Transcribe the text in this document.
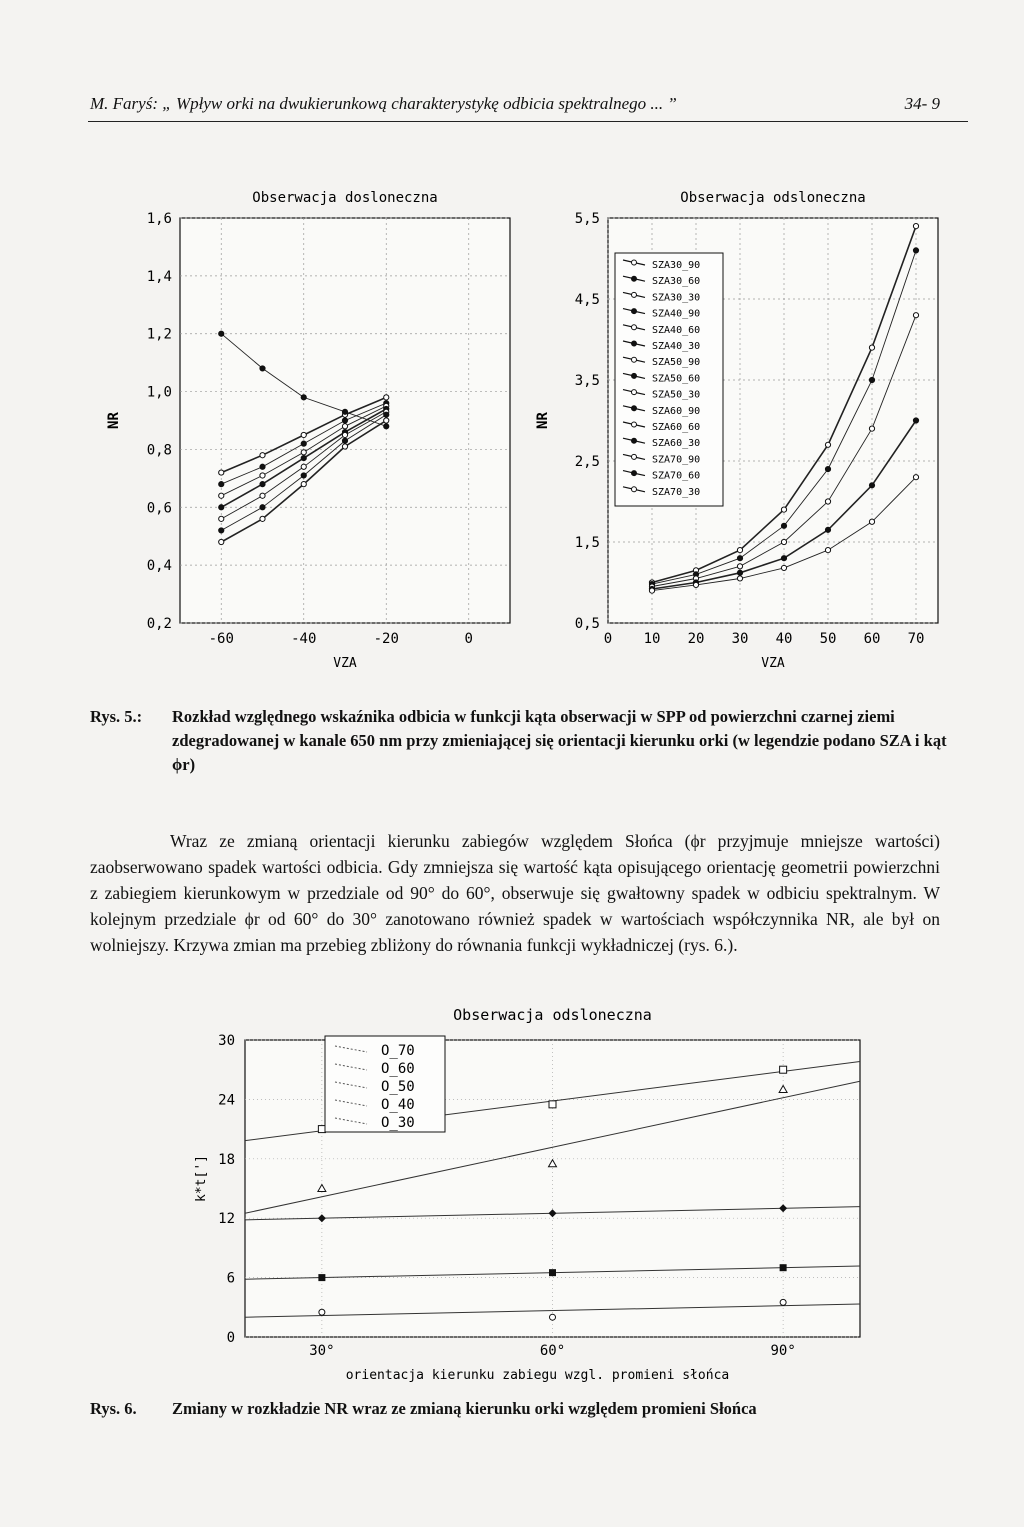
M. Faryś: „ Wpływ orki na dwukierunkową charakterystykę odbicia spektralnego ... ”	34- 9
0,2
0,4
0,6
0,8
1,0
1,2
1,4
1,6
-60	-40	-20	0
Obserwacja dosloneczna
VZA
NR
0,5
1,5
2,5
3,5
4,5
5,5
0 10 20 30 40 50 60 70
Obserwacja odsloneczna
VZA
NR
SZA30_90
SZA30_60
SZA30_30
SZA40_90
SZA40_60
SZA40_30
SZA50_90
SZA50_60
SZA50_30
SZA60_90
SZA60_60
SZA60_30
SZA70_90
SZA70_60
SZA70_30
Obserwacja odsloneczna
0
6
12
18
24
30
30°	60°	90°
orientacja kierunku zabiegu wzgl. promieni słońca
k*t[']
O_70
O_60
O_50
O_40
O_30
Rys. 5.:	Rozkład względnego wskaźnika odbicia w funkcji kąta obserwacji w SPP od powierzchni czarnej ziemi zdegradowanej w kanale 650 nm przy zmieniającej się orientacji kierunku orki (w legendzie podano SZA i kąt ϕr)

Wraz ze zmianą orientacji kierunku zabiegów względem Słońca (ϕr przyjmuje mniejsze wartości) zaobserwowano spadek wartości odbicia. Gdy zmniejsza się wartość kąta opisującego orientację geometrii powierzchni z zabiegiem kierunkowym w przedziale od 90° do 60°, obserwuje się gwałtowny spadek w odbiciu spektralnym. W kolejnym przedziale ϕr od 60° do 30° zanotowano również spadek w wartościach współczynnika NR, ale był on wolniejszy. Krzywa zmian ma przebieg zbliżony do równania funkcji wykładniczej (rys. 6.).

Rys. 6.	Zmiany w rozkładzie NR wraz ze zmianą kierunku orki względem promieni Słońca
